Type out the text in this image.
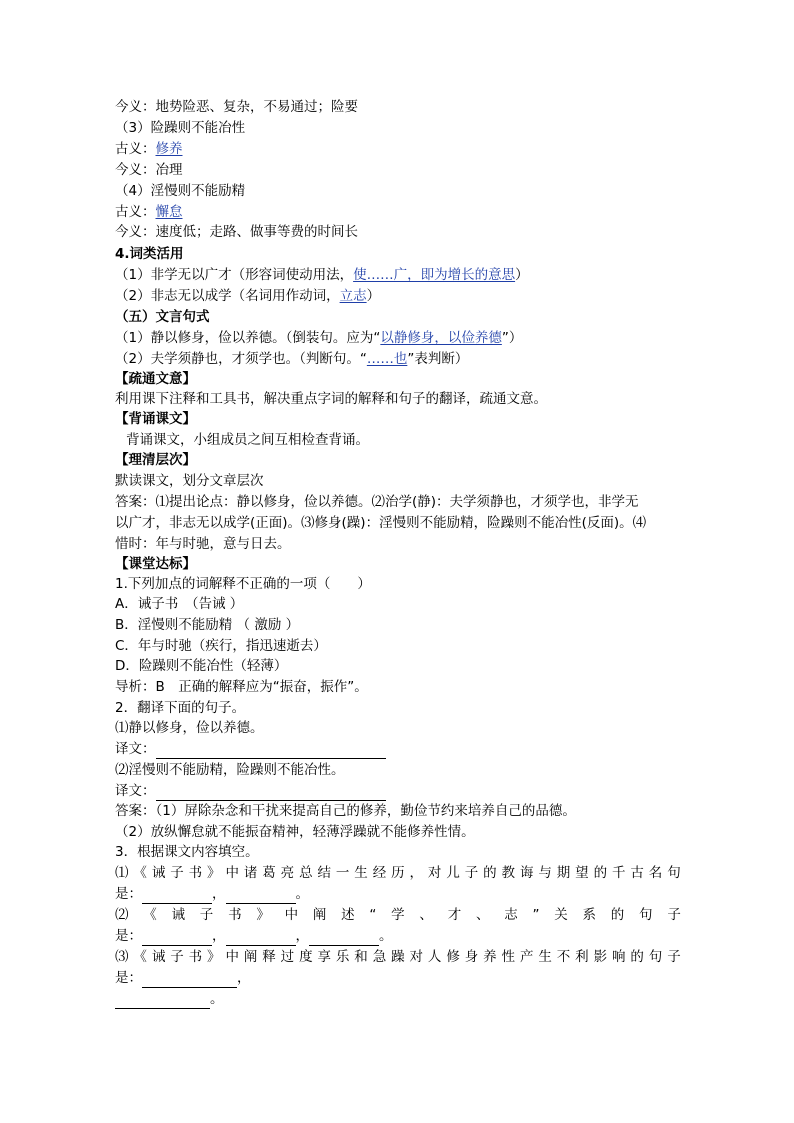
今义：地势险恶、复杂，不易通过；险要
（3）险躁则不能冶性
古义：修养
今义：冶理
（4）淫慢则不能励精
古义：懈怠
今义：速度低；走路、做事等费的时间长
4.词类活用
（1）非学无以广才（形容词使动用法，使……广，即为增长的意思）
（2）非志无以成学（名词用作动词，立志）
（五）文言句式
（1）静以修身，俭以养德。（倒装句。应为“以静修身，以俭养德”）
（2）夫学须静也，才须学也。（判断句。“……也”表判断）
【疏通文意】
利用课下注释和工具书，解决重点字词的解释和句子的翻译，疏通文意。
【背诵课文】
背诵课文，小组成员之间互相检查背诵。
【理清层次】
默读课文，划分文章层次
答案：⑴提出论点：静以修身，俭以养德。⑵治学(静)：夫学须静也，才须学也，非学无
以广才，非志无以成学(正面)。⑶修身(躁)：淫慢则不能励精，险躁则不能冶性(反面)。⑷
惜时：年与时驰，意与日去。
【课堂达标】
1.下列加点的词解释不正确的一项（　　）
A．诫子书　（告诫 ）
B．淫慢则不能励精 （ 激励 ）
C．年与时驰（疾行，指迅速逝去）
D．险躁则不能冶性（轻薄）
导析：B　正确的解释应为“振奋，振作”。
2．翻译下面的句子。
⑴静以修身，俭以养德。
译文：
⑵淫慢则不能励精，险躁则不能冶性。
译文：
答案：（1）屏除杂念和干扰来提高自己的修养，勤俭节约来培养自己的品德。
（2）放纵懈怠就不能振奋精神，轻薄浮躁就不能修养性情。
3．根据课文内容填空。
⑴ 《 诫 子 书 》 中 诸 葛 亮 总 结 一 生 经 历 ， 对 儿 子 的 教 诲 与 期 望 的 千 古 名 句
是：	，	。
⑵ 《 诫 子 书 》 中 阐 述 “ 学 、 才 、 志 ” 关 系 的 句 子
是：	，	，	。
⑶ 《 诫 子 书 》 中 阐 释 过 度 享 乐 和 急 躁 对 人 修 身 养 性 产 生 不 利 影 响 的 句 子
是：	，
。
